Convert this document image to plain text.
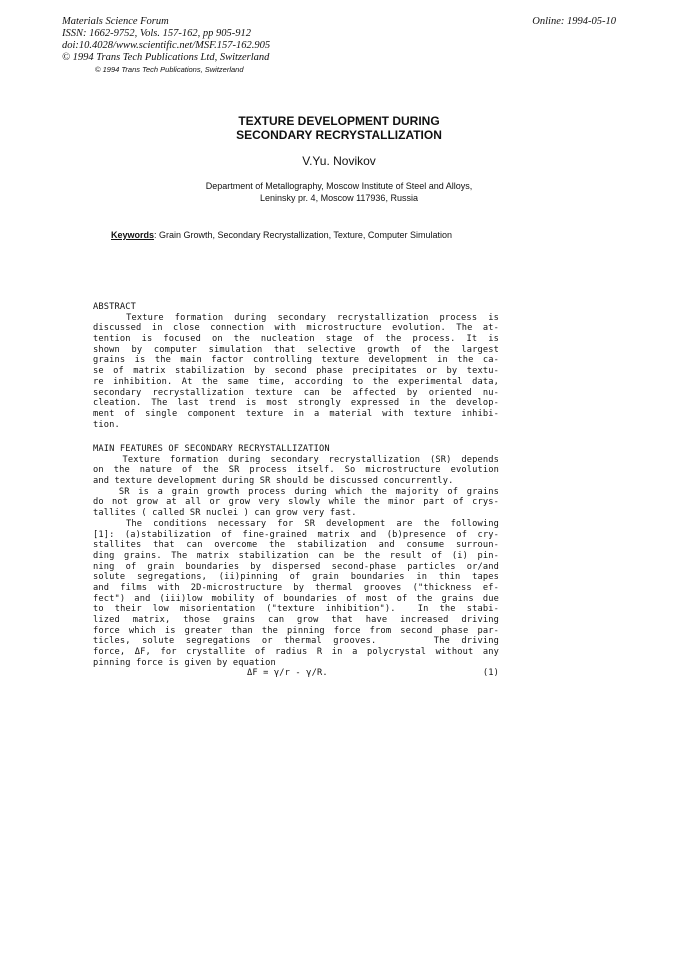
Materials Science Forum
ISSN: 1662-9752, Vols. 157-162, pp 905-912
doi:10.4028/www.scientific.net/MSF.157-162.905
© 1994 Trans Tech Publications Ltd, Switzerland
Online: 1994-05-10
© 1994 Trans Tech Publications, Switzerland
TEXTURE DEVELOPMENT DURING
SECONDARY RECRYSTALLIZATION
V.Yu. Novikov
Department of Metallography, Moscow Institute of Steel and Alloys,
Leninsky pr. 4, Moscow 117936, Russia
Keywords: Grain Growth, Secondary Recrystallization, Texture, Computer Simulation
ABSTRACT
Texture formation during secondary recrystallization process is
discussed in close connection with microstructure evolution. The at-
tention is focused on the nucleation stage of the process. It is
shown by computer simulation that selective growth of the largest
grains is the main factor controlling texture development in the ca-
se of matrix stabilization by second phase precipitates or by textu-
re inhibition. At the same time, according to the experimental data,
secondary recrystallization texture can be affected by oriented nu-
cleation. The last trend is most strongly expressed in the develop-
ment of single component texture in a material with texture inhibi-
tion.
MAIN FEATURES OF SECONDARY RECRYSTALLIZATION
Texture formation during secondary recrystallization (SR) depends
on the nature of the SR process itself. So microstructure evolution
and texture development during SR should be discussed concurrently.
SR is a grain growth process during which the majority of grains
do not grow at all or grow very slowly while the minor part of crys-
tallites ( called SR nuclei ) can grow very fast.
The conditions necessary for SR development are the following
[1]: (a)stabilization of fine-grained matrix and (b)presence of cry-
stallites that can overcome the stabilization and consume surroun-
ding grains. The matrix stabilization can be the result of (i) pin-
ning of grain boundaries by dispersed second-phase particles or/and
solute segregations, (ii)pinning of grain boundaries in thin tapes
and films with 2D-microstructure by thermal grooves ("thickness ef-
fect") and (iii)low mobility of boundaries of most of the grains due
to their low misorientation ("texture inhibition").  In the stabi-
lized matrix, those grains can grow that have increased driving
force which is greater than the pinning force from second phase par-
ticles, solute segregations or thermal grooves.     The driving
force, ΔF, for crystallite of radius R in a polycrystal without any
pinning force is given by equation
ΔF = γ/r - γ/R.	(1)
